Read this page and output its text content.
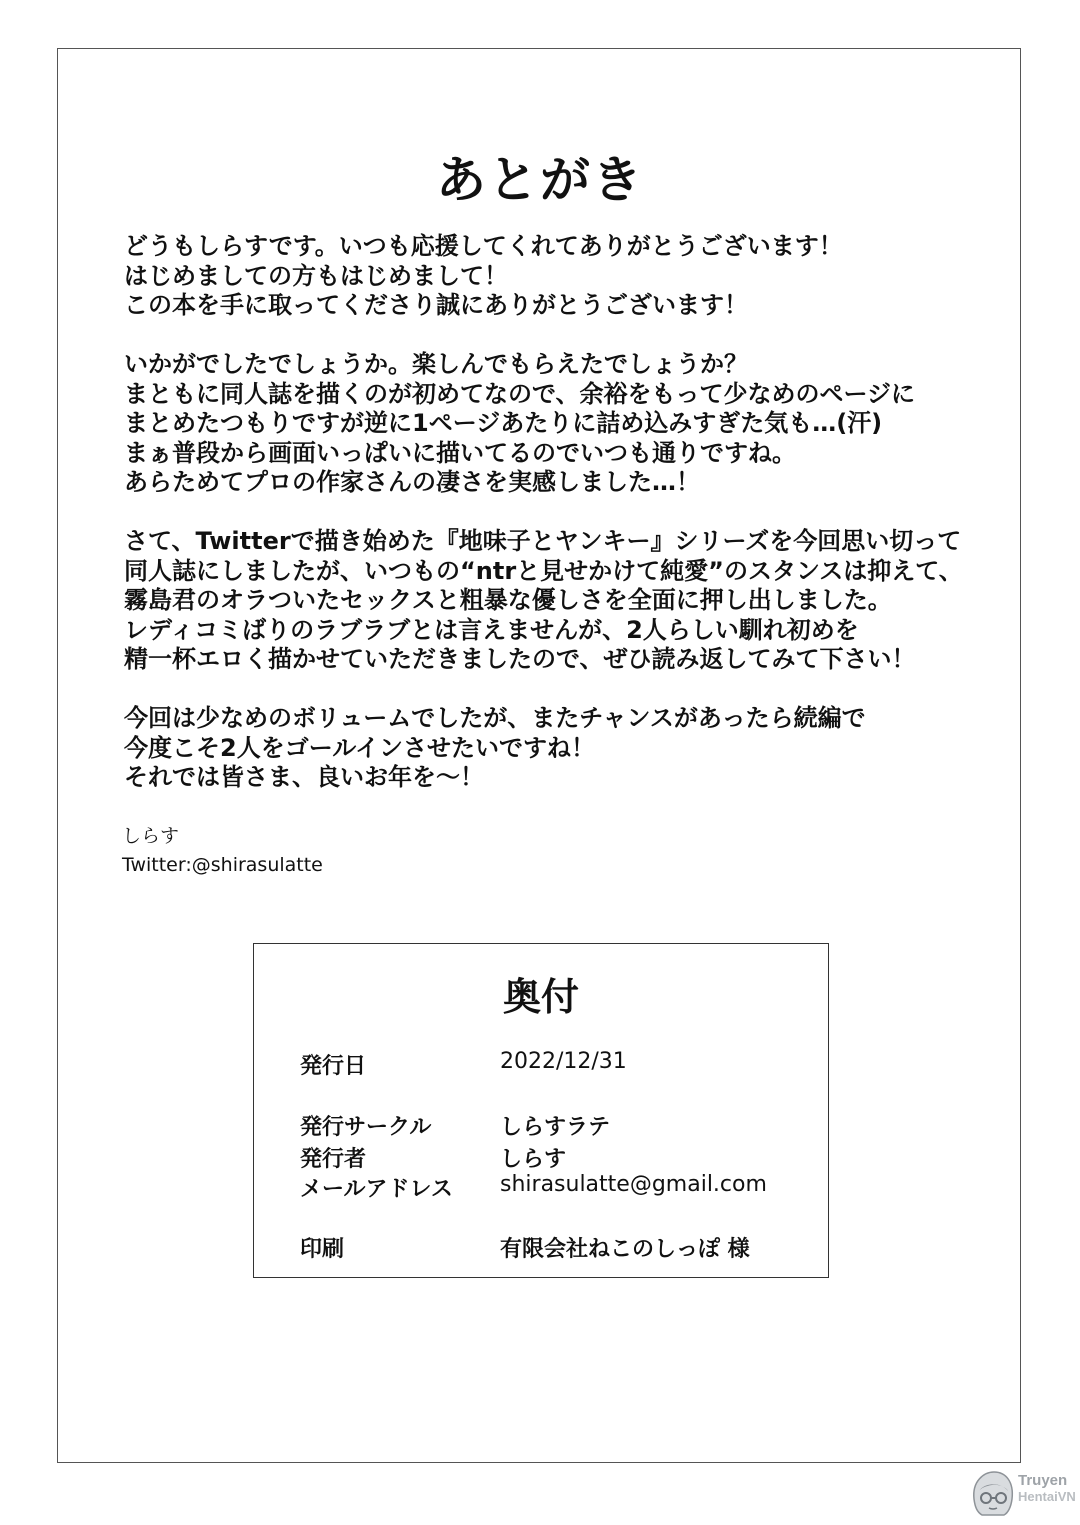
あとがき
どうもしらすです。いつも応援してくれてありがとうございます！
はじめましての方もはじめまして！
この本を手に取ってくださり誠にありがとうございます！
いかがでしたでしょうか。楽しんでもらえたでしょうか？
まともに同人誌を描くのが初めてなので、余裕をもって少なめのページに
まとめたつもりですが逆に1ページあたりに詰め込みすぎた気も…(汗)
まぁ普段から画面いっぱいに描いてるのでいつも通りですね。
あらためてプロの作家さんの凄さを実感しました…！
さて、Twitterで描き始めた『地味子とヤンキー』シリーズを今回思い切って
同人誌にしましたが、いつもの“ntrと見せかけて純愛”のスタンスは抑えて、
霧島君のオラついたセックスと粗暴な優しさを全面に押し出しました。
レディコミばりのラブラブとは言えませんが、2人らしい馴れ初めを
精一杯エロく描かせていただきましたので、ぜひ読み返してみて下さい！
今回は少なめのボリュームでしたが、またチャンスがあったら続編で
今度こそ2人をゴールインさせたいですね！
それでは皆さま、良いお年を〜！
しらす
Twitter:@shirasulatte
奥付
発行日	2022/12/31
発行サークル	しらすラテ
発行者	しらす
メールアドレス shirasulatte@gmail.com
印刷	有限会社ねこのしっぽ 様
Truyen
HentaiVN
